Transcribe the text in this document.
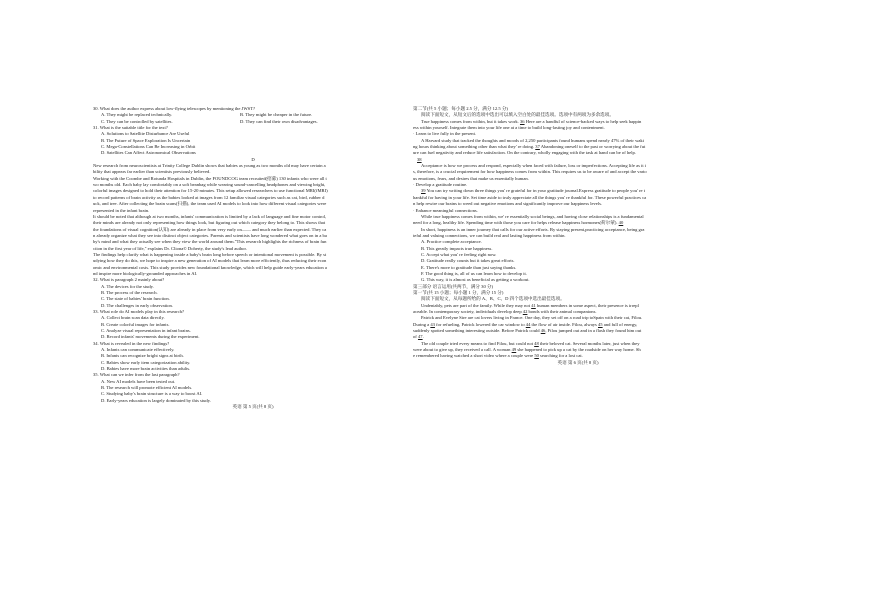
30. What does the author express about low-flying telescopes by mentioning the JWST?
A. They might be replaced technically.	B. They might be cheaper in the future.
C. They can be controlled by satellites.	D. They can find their own disadvantages.
31. What is the suitable title for the text?
A. Solutions to Satellite Disturbance Are Useful
B. The Future of Space Exploration Is Uncertain
C. Mega-Constellations Can Be Increasing in Orbit
D. Satellites Can Affect Astronomical Observations
D
New research from neuroscientists at Trinity College Dublin shows that babies as young as two months old may have certain a
bility that appears far earlier than scientists previously believed.
Working with the Coombe and Rotunda Hospitals in Dublin, the FOUNDCOG team recruited(招募) 130 infants who were all t
wo months old. Each baby lay comfortably on a soft beanbag while wearing sound-cancelling headphones and viewing bright,
colorful images designed to hold their attention for 15-20 minutes. This setup allowed researchers to use functional MRI(fMRI)
to record patterns of brain activity as the babies looked at images from 12 familiar visual categories such as cat, bird, rubber d
uck, and tree. After collecting the brain scans(扫描), the team used AI models to look into how different visual categories were
represented in the infant brain.
It should be noted that although at two months, infants' communication is limited by a lack of language and fine motor control,
their minds are already not only representing how things look, but figuring out which category they belong to. This shows that
the foundations of visual cognition(认知) are already in place from very early on—— and much earlier than expected. They ca
n already organize what they see into distinct object categories. Parents and scientists have long wondered what goes on in a ba
by's mind and what they actually see when they view the world around them."This research highlights the richness of brain fun
ction in the first year of life," explains Dr. Cliona© Doherty, the study's lead author.
The findings help clarify what is happening inside a baby's brain long before speech or intentional movement is possible. By st
udying how they do this, we hope to inspire a new generation of AI models that learn more efficiently, thus reducing their econ
omic and environmental costs. This study provides new foundational knowledge, which will help guide early-years education a
nd inspire more biologically-grounded approaches in AI.
32. What is paragraph 2 mainly about?
A. The devices for the study.
B. The process of the research.
C. The state of babies' brain function.
D. The challenges in early observation.
33. What role do AI models play in this research?
A. Collect brain scan data directly.
B. Create colorful images for infants.
C. Analyze visual representation in infant brains.
D. Record infants' movements during the experiment.
34. What is revealed in the new findings?
A. Infants can communicate effectively.
B. Infants can recognize bright signs at birth.
C. Babies show early item categorization ability.
D. Babies have more brain activities than adults.
35. What can we infer from the last paragraph?
A. New AI models have been tested out.
B. The research will promote efficient AI models.
C. Studying baby's brain structure is a way to boost AI.
D. Early-years education is largely dominated by this study.
英语 第 5 页(共 8 页)
第二节(共 5 小题；每小题 2.5 分，满分 12.5 分)
阅读下面短文，从短文后的选项中选出可以填入空白处的最佳选项。选项中有两项为多余选项。
True happiness comes from within, but it takes work. 36 Here are a handful of science-backed ways to help seek happin
ess within yourself. Integrate them into your life one at a time to build long-lasting joy and contentment.
· Learn to live fully in the present.
A Harvard study that tracked the thoughts and moods of 2,250 participants found humans spend nearly 47% of their waki
ng hours thinking about something other than what they' re doing. 37 Abandoning oneself to the past or worrying about the fut
ure can fuel negativity and reduce life satisfaction. On the contrary, wholly engaging with the task at hand can be of help.
38
Acceptance is how we process and respond, especially when faced with failure, loss or imperfections. Accepting life as it i
s, therefore, is a crucial requirement for how happiness comes from within. This requires us to be aware of and accept the vario
us emotions, fears, and desires that make us essentially human.
· Develop a gratitude routine.
39 You can try writing down three things you' re grateful for in your gratitude journal.Express gratitude to people you' re t
hankful for having in your life. Set time aside to truly appreciate all the things you' re thankful for. These powerful practices ca
n help rewire our brains to weed out negative emotions and significantly improve our happiness levels.
· Enhance meaningful connections.
While true happiness comes from within, we' re essentially social beings, and having close relationships is a fundamental
need for a long, healthy life. Spending time with those you care for helps release happiness hormones(荷尔蒙). 40
In short, happiness is an inner journey that calls for our active efforts. By staying present,practicing acceptance, being gra
teful and valuing connections, we can build real and lasting happiness from within.
A. Practice complete acceptance.
B. This greatly impacts true happiness.
C. Accept what you' re feeling right now.
D. Gratitude really counts but it takes great efforts.
E. There's more to gratitude than just saying thanks.
F. The good thing is, all of us can learn how to develop it.
G. This way, it is almost as beneficial as getting a workout.
第三部分 语言运用(共两节，满分 30 分)
第一节(共 15 小题；每小题 1 分，满分 15 分)
阅读下面短文，从每题所给的 A、B、C、D 四个选项中选出最佳选项。
Undeniably, pets are part of the family. While they may not 41 human members in some aspect, their presence is irrepl
aceable. In contemporary society, individuals develop deep 42 bonds with their animal companions.
Patrick and Evelyne Sire are cat lovers living in France. One day, they set off on a road trip toSpain with their cat, Filou.
During a 43 for refueling, Patrick lowered the car window to 44 the flow of air inside. Filou, always 45 and full of energy,
suddenly spotted something interesting outside. Before Patrick could 46, Filou jumped out and in a flash they found him out
of 47.
The old couple tried every means to find Filou, but could not 48 their beloved cat. Several months later, just when they
were about to give up, they received a call. A woman 49 she happened to pick up a cat by the roadside on her way home. Sh
e remembered having watched a short video where a couple were 50 searching for a lost cat.
英语 第 6 页(共 8 页)
